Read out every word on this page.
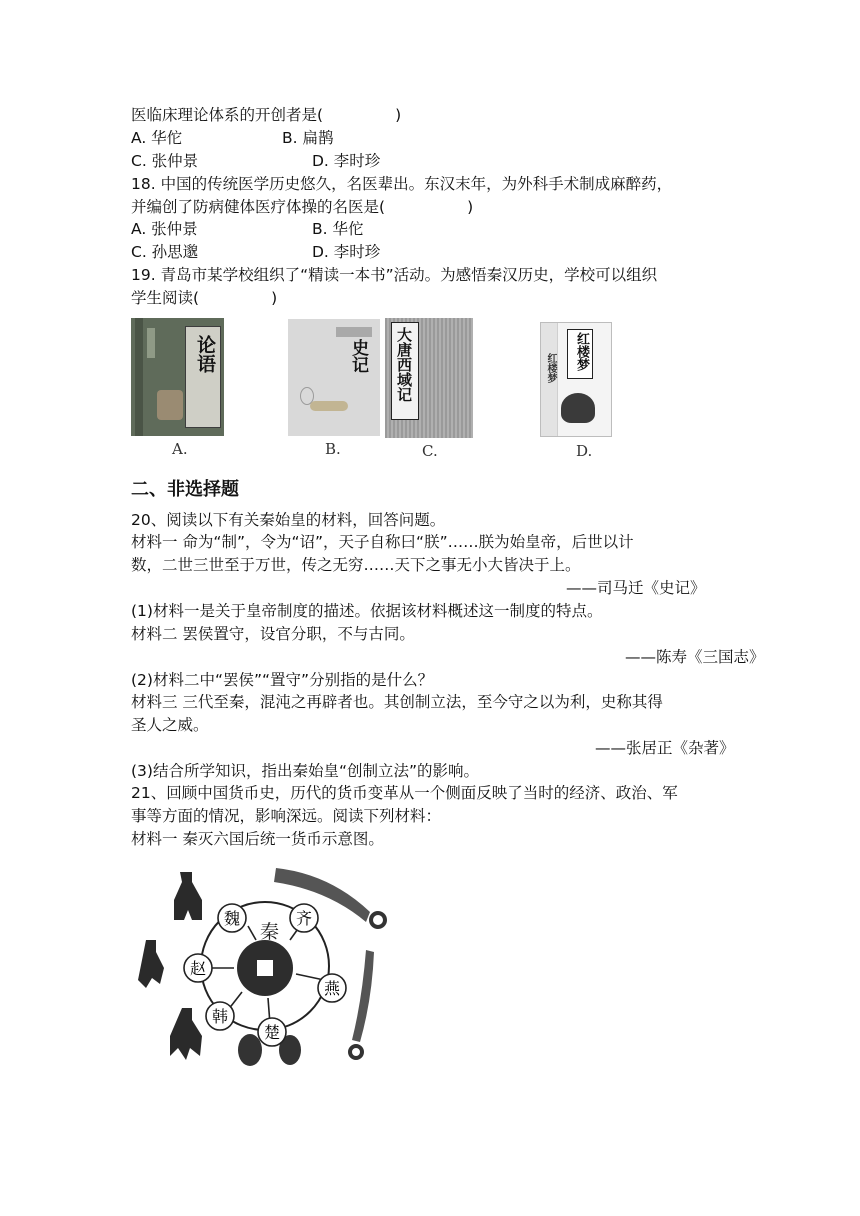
医临床理论体系的开创者是(	)
A. 华佗	B. 扁鹊
C. 张仲景	D. 李时珍
18. 中国的传统医学历史悠久，名医辈出。东汉末年，为外科手术制成麻醉药，
并编创了防病健体医疗体操的名医是(	)
A. 张仲景	B. 华佗
C. 孙思邈	D. 李时珍
19. 青岛市某学校组织了“精读一本书”活动。为感悟秦汉历史，学校可以组织
学生阅读(	)
论语
A.
史记
B.
大唐西域记
C.
红楼梦 红楼梦
D.
二、非选择题
20、阅读以下有关秦始皇的材料，回答问题。
材料一 命为“制”，令为“诏”，天子自称曰“朕”……朕为始皇帝，后世以计
数，二世三世至于万世，传之无穷……天下之事无小大皆决于上。
——司马迁《史记》
(1)材料一是关于皇帝制度的描述。依据该材料概述这一制度的特点。
材料二 罢侯置守，设官分职，不与古同。
——陈寿《三国志》
(2)材料二中“罢侯”“置守”分别指的是什么？
材料三 三代至秦，混沌之再辟者也。其创制立法，至今守之以为利，史称其得
圣人之威。
——张居正《杂著》
(3)结合所学知识，指出秦始皇“创制立法”的影响。
21、回顾中国货币史，历代的货币变革从一个侧面反映了当时的经济、政治、军
事等方面的情况，影响深远。阅读下列材料：
材料一 秦灭六国后统一货币示意图。
秦
魏	齐
赵
燕
韩
楚
